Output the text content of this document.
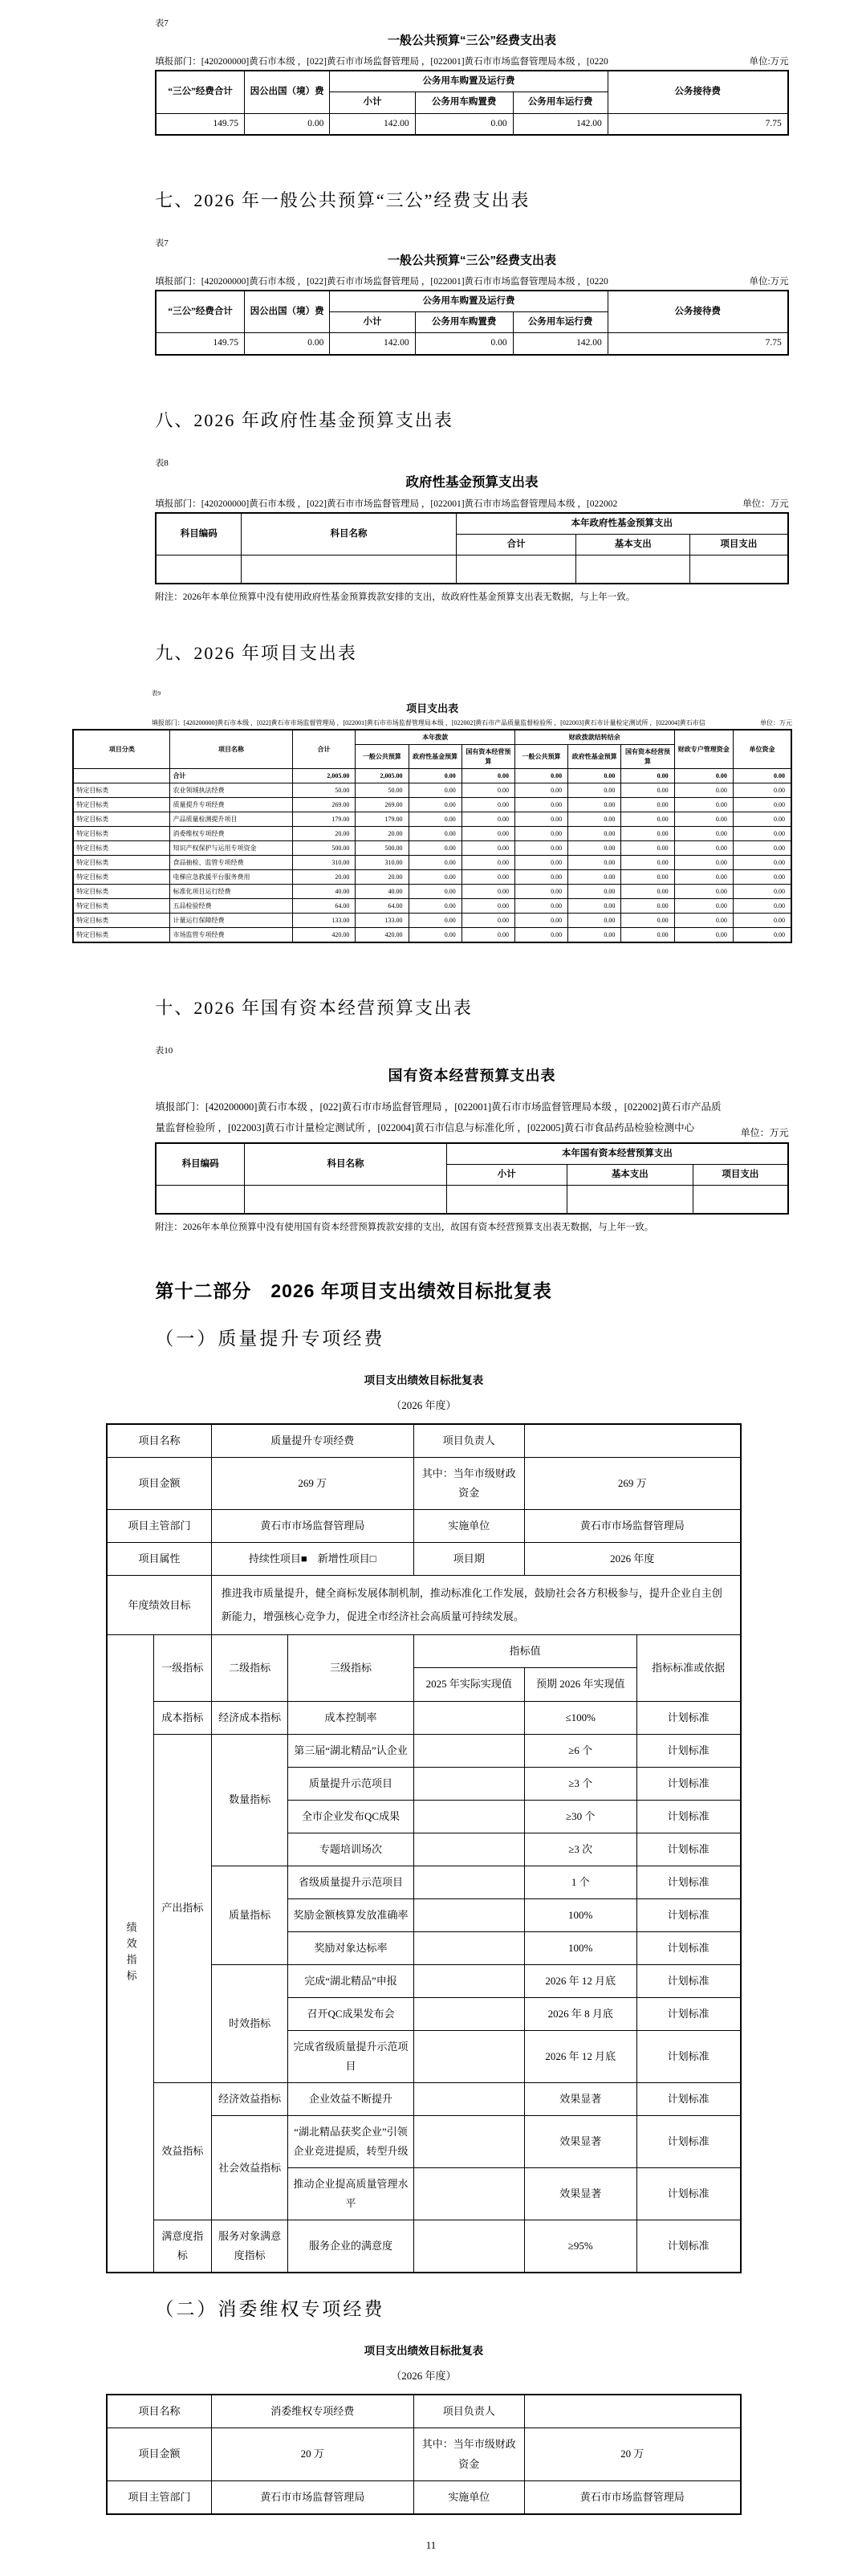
表7
一般公共预算“三公”经费支出表
填报部门：[420200000]黄石市本级 ，[022]黄石市市场监督管理局 ，[022001]黄石市市场监督管理局本级 ，[0220	单位:万元
“三公”经费合计	因公出国（境）费	公务用车购置及运行费			公务接待费
		小计	公务用车购置费	公务用车运行费	
149.75	0.00	142.00	0.00	142.00	7.75
七、2026 年一般公共预算“三公”经费支出表
表7
一般公共预算“三公”经费支出表
填报部门：[420200000]黄石市本级 ，[022]黄石市市场监督管理局 ，[022001]黄石市市场监督管理局本级 ，[0220	单位:万元
“三公”经费合计	因公出国（境）费	公务用车购置及运行费			公务接待费
		小计	公务用车购置费	公务用车运行费	
149.75	0.00	142.00	0.00	142.00	7.75
八、2026 年政府性基金预算支出表
表8
政府性基金预算支出表
填报部门：[420200000]黄石市本级 ，[022]黄石市市场监督管理局 ，[022001]黄石市市场监督管理局本级 ，[022002	单位：万元
科目编码	科目名称	本年政府性基金预算支出		
		合计	基本支出	项目支出

附注：2026年本单位预算中没有使用政府性基金预算拨款安排的支出，故政府性基金预算支出表无数据，与上年一致。

九、2026 年项目支出表
表9
项目支出表
填报部门：[420200000]黄石市本级 ，[022]黄石市市场监督管理局 ，[022001]黄石市市场监督管理局本级 ，[022002]黄石市产品质量监督检验所 ，[022003]黄石市计量检定测试所 ，[022004]黄石市信	单位：万元
项目分类	项目名称	合计	本年拨款			财政拨款结转结余			财政专户管理资金	单位资金
			一般公共预算	政府性基金预算	国有资本经营预算	一般公共预算	政府性基金预算	国有资本经营预算		
	合计	2,005.00	2,005.00	0.00	0.00	0.00	0.00	0.00	0.00	0.00
特定目标类	农业领域执法经费	50.00	50.00	0.00	0.00	0.00	0.00	0.00	0.00	0.00
特定目标类	质量提升专项经费	269.00	269.00	0.00	0.00	0.00	0.00	0.00	0.00	0.00
特定目标类	产品质量检测提升项目	179.00	179.00	0.00	0.00	0.00	0.00	0.00	0.00	0.00
特定目标类	消委维权专项经费	20.00	20.00	0.00	0.00	0.00	0.00	0.00	0.00	0.00
特定目标类	知识产权保护与运用专项资金	500.00	500.00	0.00	0.00	0.00	0.00	0.00	0.00	0.00
特定目标类	食品抽检、监管专项经费	310.00	310.00	0.00	0.00	0.00	0.00	0.00	0.00	0.00
特定目标类	电梯应急救援平台服务费用	20.00	20.00	0.00	0.00	0.00	0.00	0.00	0.00	0.00
特定目标类	标准化项目运行经费	40.00	40.00	0.00	0.00	0.00	0.00	0.00	0.00	0.00
特定目标类	五品检验经费	64.00	64.00	0.00	0.00	0.00	0.00	0.00	0.00	0.00
特定目标类	计量运行保障经费	133.00	133.00	0.00	0.00	0.00	0.00	0.00	0.00	0.00
特定目标类	市场监管专项经费	420.00	420.00	0.00	0.00	0.00	0.00	0.00	0.00	0.00
十、2026 年国有资本经营预算支出表
表10
国有资本经营预算支出表

填报部门：[420200000]黄石市本级 ，[022]黄石市市场监督管理局 ，[022001]黄石市市场监督管理局本级 ，[022002]黄石市产品质量监督检验所 ，[022003]黄石市计量检定测试所 ，[022004]黄石市信息与标准化所 ，[022005]黄石市食品药品检验检测中心	单位：万元
科目编码	科目名称	本年国有资本经营预算支出		
		小计	基本支出	项目支出

附注：2026年本单位预算中没有使用国有资本经营预算拨款安排的支出，故国有资本经营预算支出表无数据，与上年一致。

第十二部分　2026 年项目支出绩效目标批复表
（一）质量提升专项经费
项目支出绩效目标批复表
（2026 年度）
项目名称		质量提升专项经费		项目负责人		
项目金额		269 万		其中：当年市级财政资金	269 万	
项目主管部门		黄石市市场监督管理局		实施单位	黄石市市场监督管理局	
项目属性		持续性项目■　新增性项目□		项目期	2026 年度	
年度绩效目标		推进我市质量提升，健全商标发展体制机制，推动标准化工作发展，鼓励社会各方积极参与，提升企业自主创新能力，增强核心竞争力，促进全市经济社会高质量可持续发展。				
绩效指标	一级指标	二级指标	三级指标	指标值		指标标准或依据
				2025 年实际实现值	预期 2026 年实现值	
	成本指标	经济成本指标	成本控制率		≤100%	计划标准
	产出指标	数量指标	第三届“湖北精品”认企业		≥6 个	计划标准
			质量提升示范项目		≥3 个	计划标准
			全市企业发布QC成果		≥30 个	计划标准
			专题培训场次		≥3 次	计划标准
		质量指标	省级质量提升示范项目		1 个	计划标准
			奖励金额核算发放准确率		100%	计划标准
			奖励对象达标率		100%	计划标准
		时效指标	完成“湖北精品”申报		2026 年 12 月底	计划标准
			召开QC成果发布会		2026 年 8 月底	计划标准
			完成省级质量提升示范项目		2026 年 12 月底	计划标准
	效益指标	经济效益指标	企业效益不断提升		效果显著	计划标准
		社会效益指标	“湖北精品获奖企业”引领企业竞进提质，转型升级		效果显著	计划标准
			推动企业提高质量管理水平		效果显著	计划标准
	满意度指标	服务对象满意度指标	服务企业的满意度		≥95%	计划标准
（二）消委维权专项经费
项目支出绩效目标批复表
（2026 年度）
项目名称	消委维权专项经费	项目负责人	
项目金额	20 万	其中：当年市级财政资金	20 万
项目主管部门	黄石市市场监督管理局	实施单位	黄石市市场监督管理局
11
